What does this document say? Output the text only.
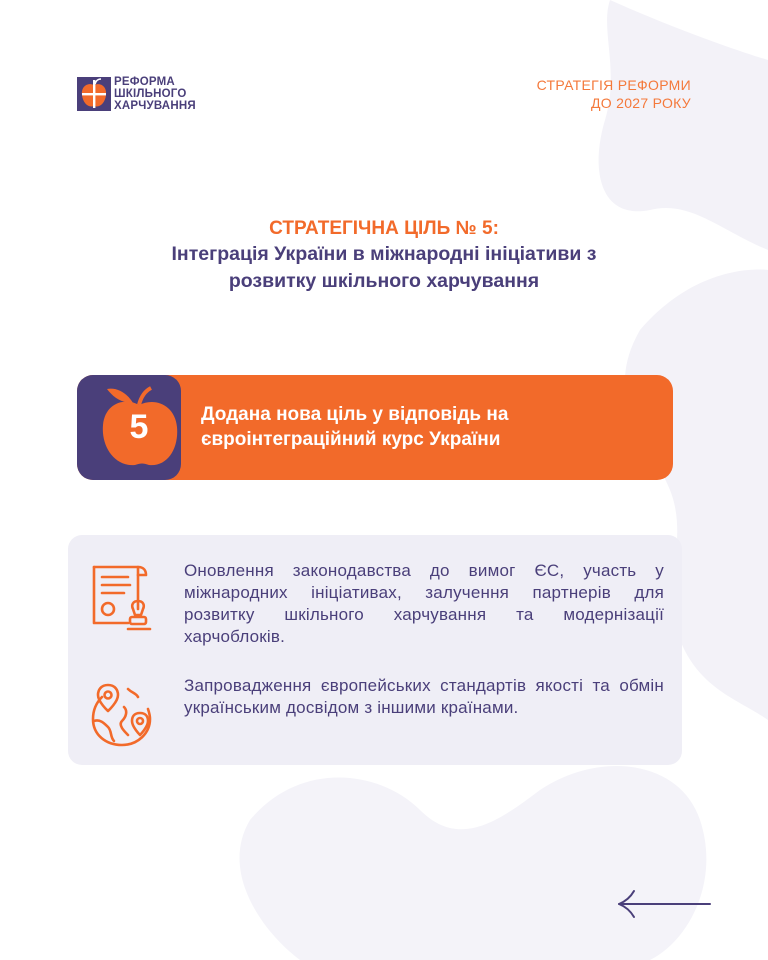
РЕФОРМА
ШКІЛЬНОГО
ХАРЧУВАННЯ
СТРАТЕГІЯ РЕФОРМИ
ДО 2027 РОКУ
СТРАТЕГІЧНА ЦІЛЬ № 5:
Інтеграція України в міжнародні ініціативи з
розвитку шкільного харчування
5	Додана нова ціль у відповідь на
євроінтеграційний курс України
Оновлення законодавства до вимог ЄС, участь у міжнародних ініціативах, залучення партнерів для розвитку шкільного харчування та модернізації харчоблоків.
Запровадження європейських стандартів якості та обмін українським досвідом з іншими країнами.
